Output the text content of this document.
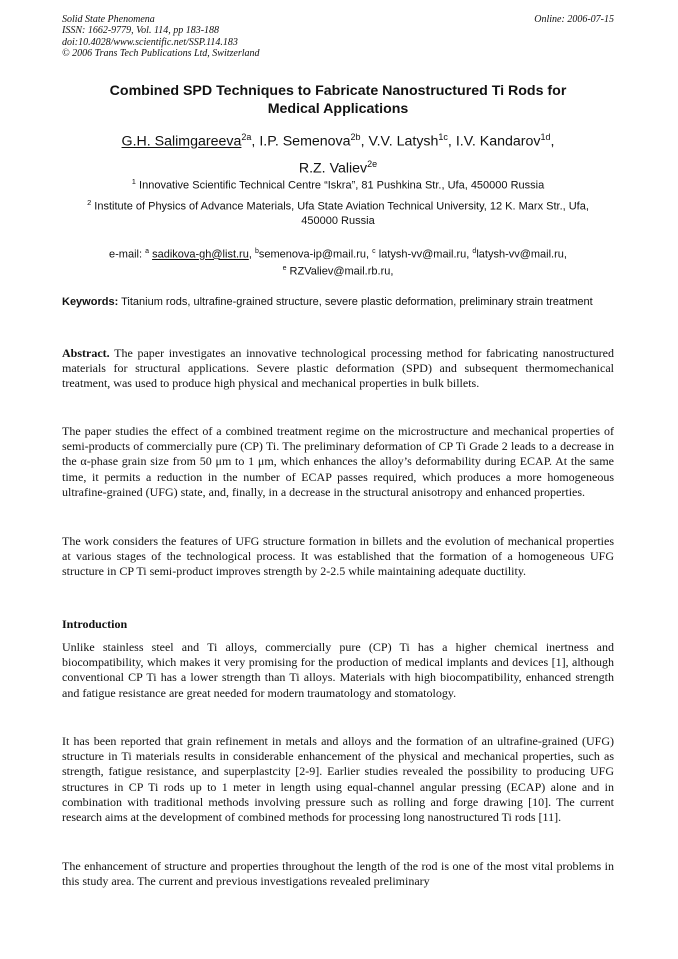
Solid State Phenomena
ISSN: 1662-9779, Vol. 114, pp 183-188
doi:10.4028/www.scientific.net/SSP.114.183
© 2006 Trans Tech Publications Ltd, Switzerland
Online: 2006-07-15
Combined SPD Techniques to Fabricate Nanostructured Ti Rods for
Medical Applications
G.H. Salimgareeva$^{2a}$, I.P. Semenova$^{2b}$, V.V. Latysh$^{1c}$, I.V. Kandarov$^{1d}$,
R.Z. Valiev$^{2e}$
$^1$ Innovative Scientific Technical Centre “Iskra”, 81 Pushkina Str., Ufa, 450000 Russia
$^2$ Institute of Physics of Advance Materials, Ufa State Aviation Technical University, 12 K. Marx Str., Ufa, 450000 Russia
e-mail: $^a$ sadikova-gh@list.ru, $^b$semenova-ip@mail.ru, $^c$ latysh-vv@mail.ru, $^d$latysh-vv@mail.ru,
$^e$ RZValiev@mail.rb.ru,
Keywords: Titanium rods, ultrafine-grained structure, severe plastic deformation, preliminary strain treatment
Abstract. The paper investigates an innovative technological processing method for fabricating nanostructured materials for structural applications. Severe plastic deformation (SPD) and subsequent thermomechanical treatment, was used to produce high physical and mechanical properties in bulk billets.
The paper studies the effect of a combined treatment regime on the microstructure and mechanical properties of semi-products of commercially pure (CP) Ti. The preliminary deformation of CP Ti Grade 2 leads to a decrease in the α-phase grain size from 50 μm to 1 μm, which enhances the alloy’s deformability during ECAP. At the same time, it permits a reduction in the number of ECAP passes required, which produces a more homogeneous ultrafine-grained (UFG) state, and, finally, in a decrease in the structural anisotropy and enhanced properties.
The work considers the features of UFG structure formation in billets and the evolution of mechanical properties at various stages of the technological process. It was established that the formation of a homogeneous UFG structure in CP Ti semi-product improves strength by 2-2.5 while maintaining adequate ductility.
Introduction
Unlike stainless steel and Ti alloys, commercially pure (CP) Ti has a higher chemical inertness and biocompatibility, which makes it very promising for the production of medical implants and devices [1], although conventional CP Ti has a lower strength than Ti alloys. Materials with high biocompatibility, enhanced strength and fatigue resistance are great needed for modern traumatology and stomatology.
It has been reported that grain refinement in metals and alloys and the formation of an ultrafine-grained (UFG) structure in Ti materials results in considerable enhancement of the physical and mechanical properties, such as strength, fatigue resistance, and superplastcity [2-9]. Earlier studies revealed the possibility to producing UFG structures in CP Ti rods up to 1 meter in length using equal-channel angular pressing (ECAP) alone and in combination with traditional methods involving pressure such as rolling and forge drawing [10]. The current research aims at the development of combined methods for processing long nanostructured Ti rods [11].
The enhancement of structure and properties throughout the length of the rod is one of the most vital problems in this study area. The current and previous investigations revealed preliminary
